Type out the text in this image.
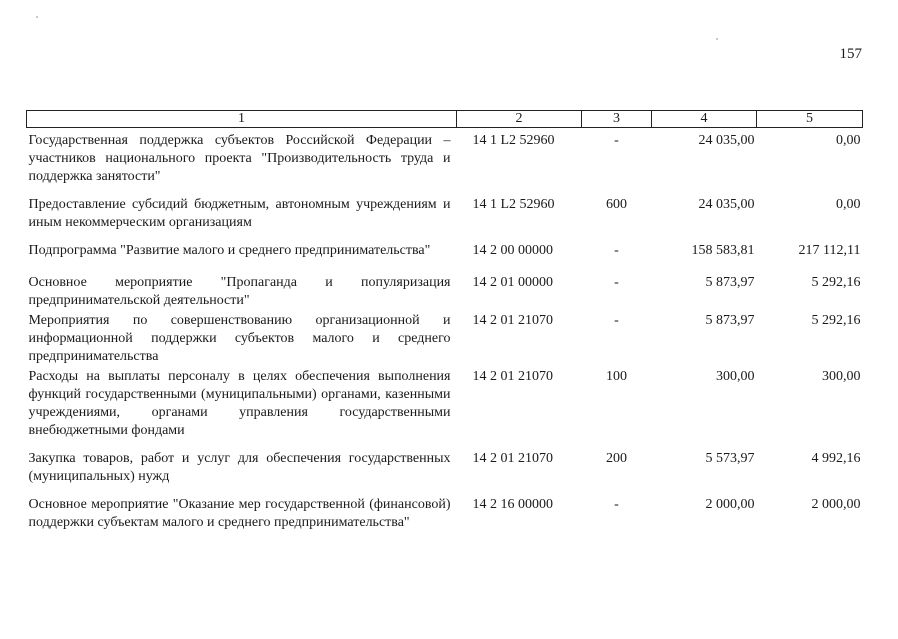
157
1	2	3	4	5
Государственная поддержка субъектов Российской Федерации – участников национального проекта "Производительность труда и поддержка занятости"	14 1 L2 52960	-	24 035,00	0,00
Предоставление субсидий бюджетным, автономным учреждениям и иным некоммерческим организациям	14 1 L2 52960	600	24 035,00	0,00
Подпрограмма "Развитие малого и среднего предпринимательства"	14 2 00 00000	-	158 583,81	217 112,11
Основное мероприятие "Пропаганда и популяризация предпринимательской деятельности"	14 2 01 00000	-	5 873,97	5 292,16
Мероприятия по совершенствованию организационной и информационной поддержки субъектов малого и среднего предпринимательства	14 2 01 21070	-	5 873,97	5 292,16
Расходы на выплаты персоналу в целях обеспечения выполнения функций государственными (муниципальными) органами, казенными учреждениями, органами управления государственными внебюджетными фондами	14 2 01 21070	100	300,00	300,00
Закупка товаров, работ и услуг для обеспечения государственных (муниципальных) нужд	14 2 01 21070	200	5 573,97	4 992,16
Основное мероприятие "Оказание мер государственной (финансовой) поддержки субъектам малого и среднего предпринимательства"	14 2 16 00000	-	2 000,00	2 000,00
